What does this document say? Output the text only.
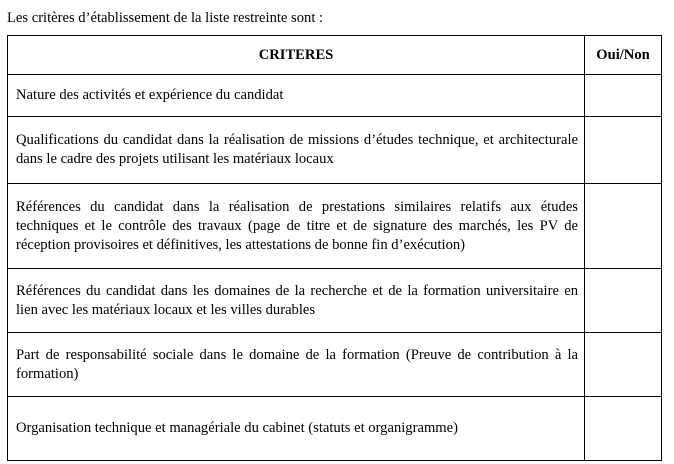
Les critères d’établissement de la liste restreinte sont :
CRITERES	Oui/Non

Nature des activités et expérience du candidat	

Qualifications du candidat dans la réalisation de missions d’études technique, et architecturale dans le cadre des projets utilisant les matériaux locaux	

Références du candidat dans la réalisation de prestations similaires relatifs aux études techniques et le contrôle des travaux (page de titre et de signature des marchés, les PV de réception provisoires et définitives, les attestations de bonne fin d’exécution)	

Références du candidat dans les domaines de la recherche et de la formation universitaire en lien avec les matériaux locaux et les villes durables	

Part de responsabilité sociale dans le domaine de la formation (Preuve de contribution à la formation)	

Organisation technique et managériale du cabinet (statuts et organigramme)	
